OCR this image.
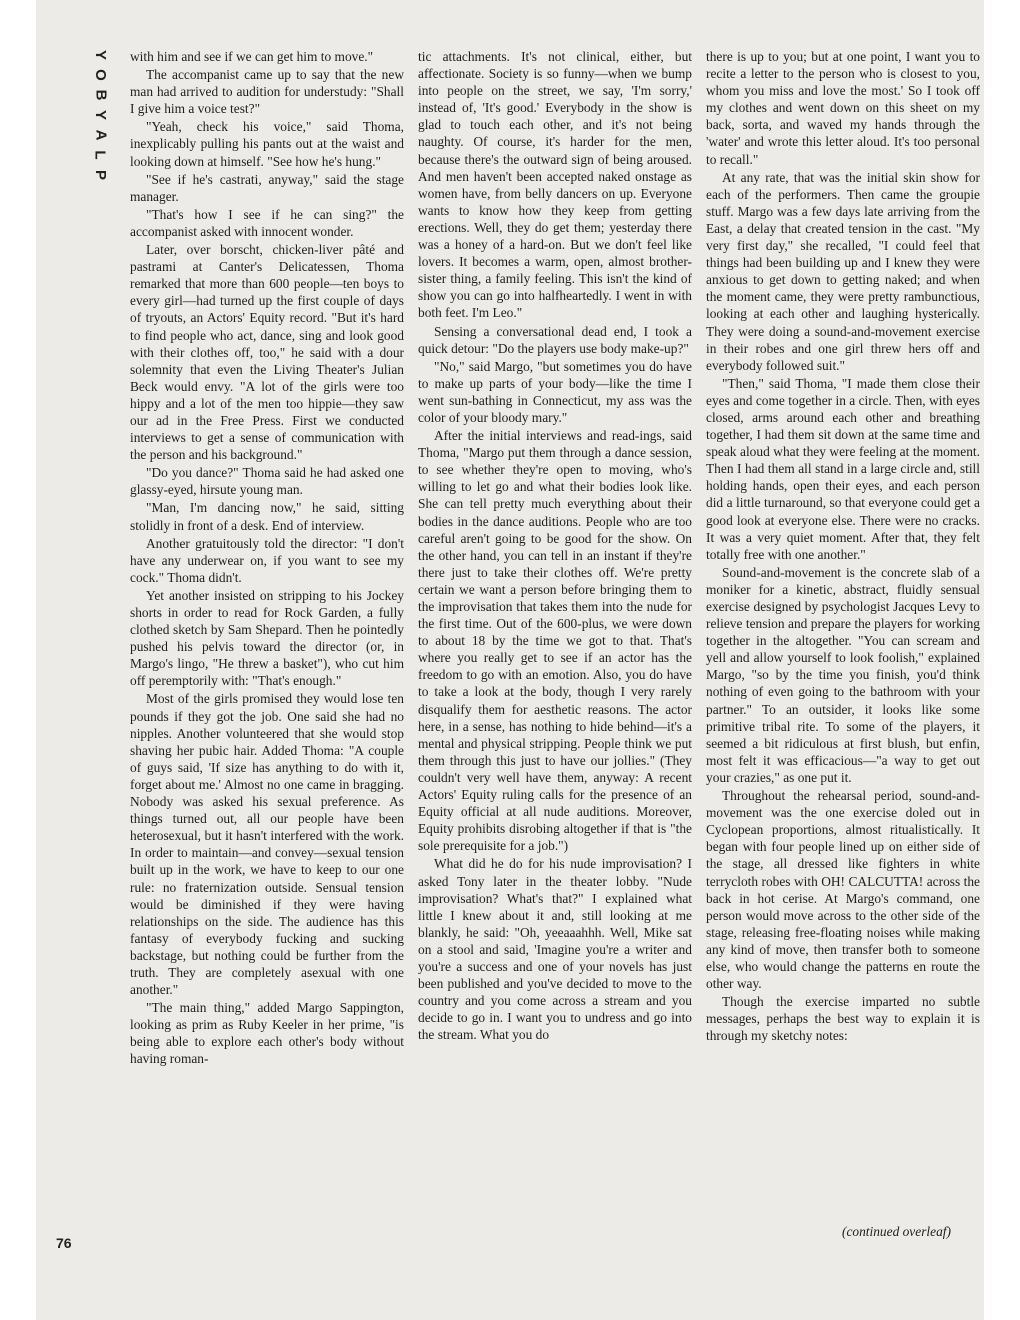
Y
O
B
Y
A
L
P

with him and see if we can get him to move."

The accompanist came up to say that the new man had arrived to audition for understudy: "Shall I give him a voice test?"

"Yeah, check his voice," said Thoma, inexplicably pulling his pants out at the waist and looking down at himself. "See how he's hung."

"See if he's castrati, anyway," said the stage manager.

"That's how I see if he can sing?" the accompanist asked with innocent wonder.

Later, over borscht, chicken-liver pâté and pastrami at Canter's Delicatessen, Thoma remarked that more than 600 people—ten boys to every girl—had turned up the first couple of days of tryouts, an Actors' Equity record. "But it's hard to find people who act, dance, sing and look good with their clothes off, too," he said with a dour solemnity that even the Living Theater's Julian Beck would envy. "A lot of the girls were too hippy and a lot of the men too hippie—they saw our ad in the Free Press. First we conducted interviews to get a sense of communication with the person and his background."

"Do you dance?" Thoma said he had asked one glassy-eyed, hirsute young man.

"Man, I'm dancing now," he said, sitting stolidly in front of a desk. End of interview.

Another gratuitously told the director: "I don't have any underwear on, if you want to see my cock." Thoma didn't.

Yet another insisted on stripping to his Jockey shorts in order to read for Rock Garden, a fully clothed sketch by Sam Shepard. Then he pointedly pushed his pelvis toward the director (or, in Margo's lingo, "He threw a basket"), who cut him off peremptorily with: "That's enough."

Most of the girls promised they would lose ten pounds if they got the job. One said she had no nipples. Another volunteered that she would stop shaving her pubic hair. Added Thoma: "A couple of guys said, 'If size has anything to do with it, forget about me.' Almost no one came in bragging. Nobody was asked his sexual preference. As things turned out, all our people have been heterosexual, but it hasn't interfered with the work. In order to maintain—and convey—sexual tension built up in the work, we have to keep to our one rule: no fraternization outside. Sensual tension would be diminished if they were having relationships on the side. The audience has this fantasy of everybody fucking and sucking backstage, but nothing could be further from the truth. They are completely asexual with one another."

"The main thing," added Margo Sappington, looking as prim as Ruby Keeler in her prime, "is being able to explore each other's body without having roman-

tic attachments. It's not clinical, either, but affectionate. Society is so funny—when we bump into people on the street, we say, 'I'm sorry,' instead of, 'It's good.' Everybody in the show is glad to touch each other, and it's not being naughty. Of course, it's harder for the men, because there's the outward sign of being aroused. And men haven't been accepted naked onstage as women have, from belly dancers on up. Everyone wants to know how they keep from getting erections. Well, they do get them; yesterday there was a honey of a hard-on. But we don't feel like lovers. It becomes a warm, open, almost brother-sister thing, a family feeling. This isn't the kind of show you can go into halfheartedly. I went in with both feet. I'm Leo."

Sensing a conversational dead end, I took a quick detour: "Do the players use body make-up?"

"No," said Margo, "but sometimes you do have to make up parts of your body—like the time I went sun-bathing in Connecticut, my ass was the color of your bloody mary."

After the initial interviews and read-ings, said Thoma, "Margo put them through a dance session, to see whether they're open to moving, who's willing to let go and what their bodies look like. She can tell pretty much everything about their bodies in the dance auditions. People who are too careful aren't going to be good for the show. On the other hand, you can tell in an instant if they're there just to take their clothes off. We're pretty certain we want a person before bringing them to the improvisation that takes them into the nude for the first time. Out of the 600-plus, we were down to about 18 by the time we got to that. That's where you really get to see if an actor has the freedom to go with an emotion. Also, you do have to take a look at the body, though I very rarely disqualify them for aesthetic reasons. The actor here, in a sense, has nothing to hide behind—it's a mental and physical stripping. People think we put them through this just to have our jollies." (They couldn't very well have them, anyway: A recent Actors' Equity ruling calls for the presence of an Equity official at all nude auditions. Moreover, Equity prohibits disrobing altogether if that is "the sole prerequisite for a job.")

What did he do for his nude improvisation? I asked Tony later in the theater lobby. "Nude improvisation? What's that?" I explained what little I knew about it and, still looking at me blankly, he said: "Oh, yeeaaahhh. Well, Mike sat on a stool and said, 'Imagine you're a writer and you're a success and one of your novels has just been published and you've decided to move to the country and you come across a stream and you decide to go in. I want you to undress and go into the stream. What you do

there is up to you; but at one point, I want you to recite a letter to the person who is closest to you, whom you miss and love the most.' So I took off my clothes and went down on this sheet on my back, sorta, and waved my hands through the 'water' and wrote this letter aloud. It's too personal to recall."

At any rate, that was the initial skin show for each of the performers. Then came the groupie stuff. Margo was a few days late arriving from the East, a delay that created tension in the cast. "My very first day," she recalled, "I could feel that things had been building up and I knew they were anxious to get down to getting naked; and when the moment came, they were pretty rambunctious, looking at each other and laughing hysterically. They were doing a sound-and-movement exercise in their robes and one girl threw hers off and everybody followed suit."

"Then," said Thoma, "I made them close their eyes and come together in a circle. Then, with eyes closed, arms around each other and breathing together, I had them sit down at the same time and speak aloud what they were feeling at the moment. Then I had them all stand in a large circle and, still holding hands, open their eyes, and each person did a little turnaround, so that everyone could get a good look at everyone else. There were no cracks. It was a very quiet moment. After that, they felt totally free with one another."

Sound-and-movement is the concrete slab of a moniker for a kinetic, abstract, fluidly sensual exercise designed by psychologist Jacques Levy to relieve tension and prepare the players for working together in the altogether. "You can scream and yell and allow yourself to look foolish," explained Margo, "so by the time you finish, you'd think nothing of even going to the bathroom with your partner." To an outsider, it looks like some primitive tribal rite. To some of the players, it seemed a bit ridiculous at first blush, but enfin, most felt it was efficacious—"a way to get out your crazies," as one put it.

Throughout the rehearsal period, sound-and-movement was the one exercise doled out in Cyclopean proportions, almost ritualistically. It began with four people lined up on either side of the stage, all dressed like fighters in white terrycloth robes with OH! CALCUTTA! across the back in hot cerise. At Margo's command, one person would move across to the other side of the stage, releasing free-floating noises while making any kind of move, then transfer both to someone else, who would change the patterns en route the other way.

Though the exercise imparted no subtle messages, perhaps the best way to explain it is through my sketchy notes:

(continued overleaf)
76
